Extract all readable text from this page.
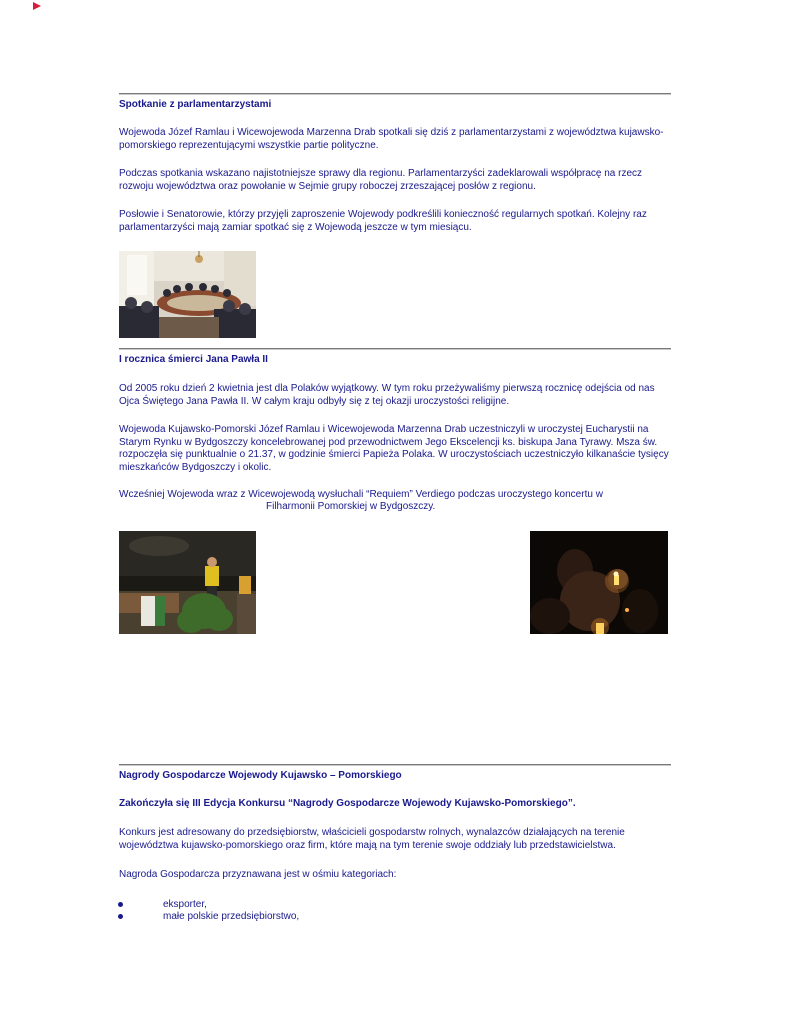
Spotkanie z parlamentarzystami

Wojewoda Józef Ramlau i Wicewojewoda Marzenna Drab spotkali się dziś z parlamentarzystami z województwa kujawsko-pomorskiego reprezentującymi wszystkie partie polityczne.

Podczas spotkania wskazano najistotniejsze sprawy dla regionu. Parlamentarzyści zadeklarowali współpracę na rzecz rozwoju województwa oraz powołanie w Sejmie grupy roboczej zrzeszającej posłów z regionu.

Posłowie i Senatorowie, którzy przyjęli zaproszenie Wojewody podkreślili konieczność regularnych spotkań. Kolejny raz parlamentarzyści mają zamiar spotkać się z Wojewodą jeszcze w tym miesiącu.

I rocznica śmierci Jana Pawła II

Od 2005 roku dzień 2 kwietnia jest dla Polaków wyjątkowy. W tym roku przeżywaliśmy pierwszą rocznicę odejścia od nas Ojca Świętego Jana Pawła II. W całym kraju odbyły się z tej okazji uroczystości religijne.

Wojewoda Kujawsko-Pomorski Józef Ramlau i Wicewojewoda Marzenna Drab uczestniczyli w uroczystej Eucharystii na Starym Rynku w Bydgoszczy koncelebrowanej pod przewodnictwem Jego Ekscelencji ks. biskupa Jana Tyrawy. Msza św. rozpoczęła się punktualnie o 21.37, w godzinie śmierci Papieża Polaka. W uroczystościach uczestniczyło kilkanaście tysięcy mieszkańców Bydgoszczy i okolic.

Wcześniej Wojewoda wraz z Wicewojewodą wysłuchali “Requiem” Verdiego podczas uroczystego koncertu w

Filharmonii Pomorskiej w Bydgoszczy.

Nagrody Gospodarcze Wojewody Kujawsko – Pomorskiego

Zakończyła się III Edycja Konkursu “Nagrody Gospodarcze Wojewody Kujawsko-Pomorskiego”.

Konkurs jest adresowany do przedsiębiorstw, właścicieli gospodarstw rolnych, wynalazców działających na terenie województwa kujawsko-pomorskiego oraz firm, które mają na tym terenie swoje oddziały lub przedstawicielstwa.

Nagroda Gospodarcza przyznawana jest w ośmiu kategoriach:

eksporter,

małe polskie przedsiębiorstwo,
